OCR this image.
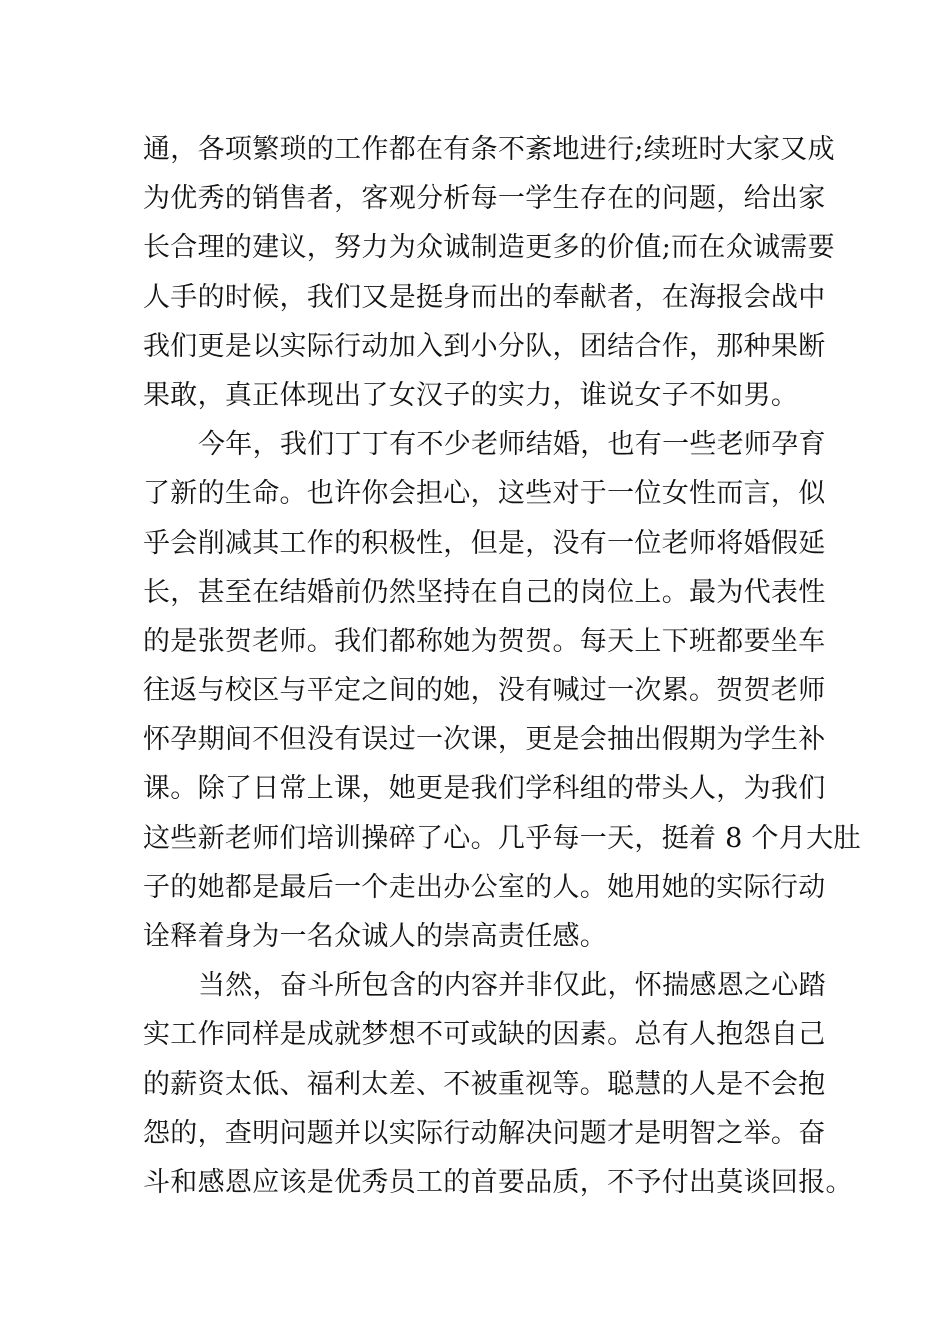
通，各项繁琐的工作都在有条不紊地进行;续班时大家又成
为优秀的销售者，客观分析每一学生存在的问题，给出家
长合理的建议，努力为众诚制造更多的价值;而在众诚需要
人手的时候，我们又是挺身而出的奉献者，在海报会战中
我们更是以实际行动加入到小分队，团结合作，那种果断
果敢，真正体现出了女汉子的实力，谁说女子不如男。
今年，我们丁丁有不少老师结婚，也有一些老师孕育
了新的生命。也许你会担心，这些对于一位女性而言，似
乎会削减其工作的积极性，但是，没有一位老师将婚假延
长，甚至在结婚前仍然坚持在自己的岗位上。最为代表性
的是张贺老师。我们都称她为贺贺。每天上下班都要坐车
往返与校区与平定之间的她，没有喊过一次累。贺贺老师
怀孕期间不但没有误过一次课，更是会抽出假期为学生补
课。除了日常上课，她更是我们学科组的带头人，为我们
这些新老师们培训操碎了心。几乎每一天，挺着 8 个月大肚
子的她都是最后一个走出办公室的人。她用她的实际行动
诠释着身为一名众诚人的崇高责任感。
当然，奋斗所包含的内容并非仅此，怀揣感恩之心踏
实工作同样是成就梦想不可或缺的因素。总有人抱怨自己
的薪资太低、福利太差、不被重视等。聪慧的人是不会抱
怨的，查明问题并以实际行动解决问题才是明智之举。奋
斗和感恩应该是优秀员工的首要品质，不予付出莫谈回报。
